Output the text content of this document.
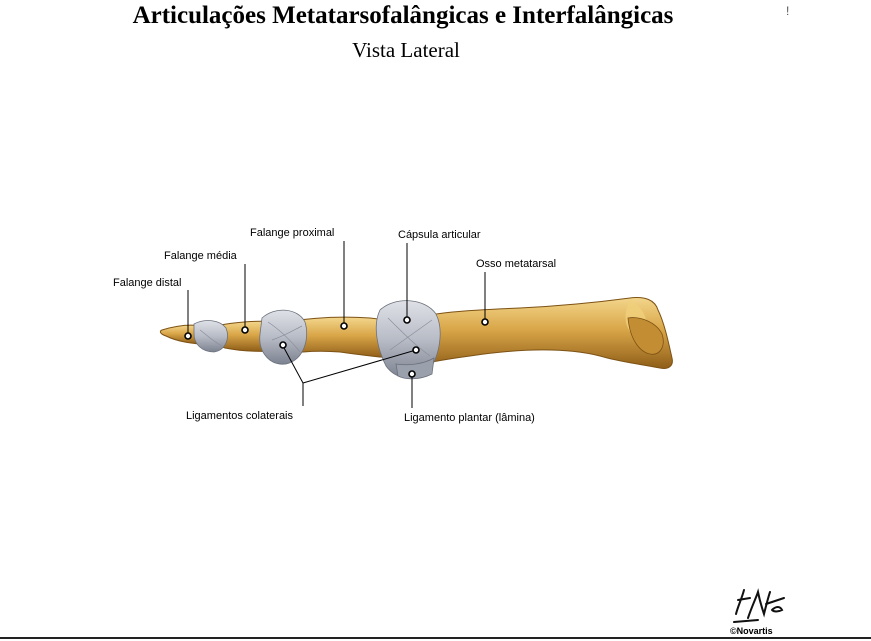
Articulações Metatarsofalângicas e Interfalângicas
Vista Lateral
!
Falange distal
Falange média
Falange proximal	Cápsula articular
Osso metatarsal
Ligamentos colaterais	Ligamento plantar (lâmina)
©Novartis
